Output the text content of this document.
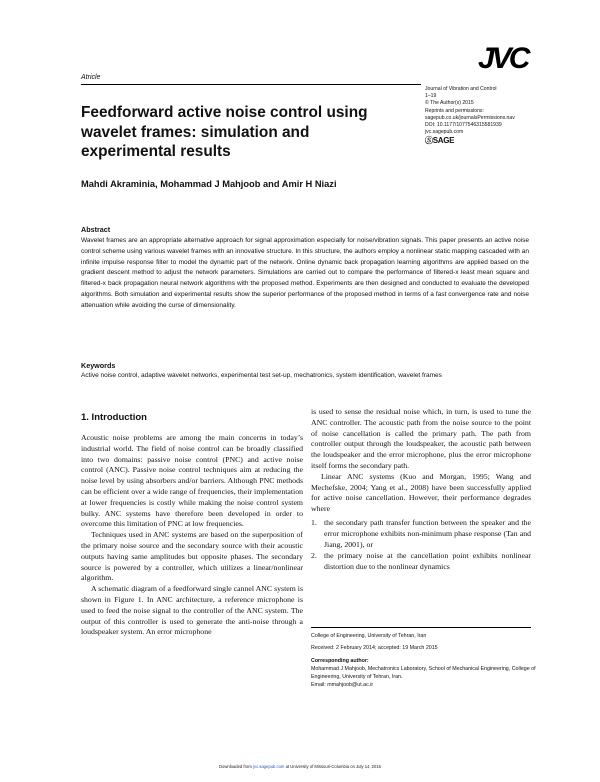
JVC
Atricle
Journal of Vibration and Control
1–19
© The Author(s) 2015
Reprints and permissions:
sagepub.co.uk/journalsPermissions.nav
DOI: 10.1177/1077546315581939
jvc.sagepub.com
ⓈSAGE
Feedforward active noise control using wavelet frames: simulation and experimental results
Mahdi Akraminia, Mohammad J Mahjoob and Amir H Niazi
Abstract
Wavelet frames are an appropriate alternative approach for signal approximation especially for noise/vibration signals. This paper presents an active noise control scheme using various wavelet frames with an innovative structure. In this structure, the authors employ a nonlinear static mapping cascaded with an infinite impulse response filter to model the dynamic part of the network. Online dynamic back propagation learning algorithms are applied based on the gradient descent method to adjust the network parameters. Simulations are carried out to compare the performance of filtered-x least mean square and filtered-x back propagation neural network algorithms with the proposed method. Experiments are then designed and conducted to evaluate the developed algorithms. Both simulation and experimental results show the superior performance of the proposed method in terms of a fast convergence rate and noise attenuation while avoiding the curse of dimensionality.
Keywords
Active noise control, adaptive wavelet networks, experimental test set-up, mechatronics, system identification, wavelet frames
1. Introduction

Acoustic noise problems are among the main concerns in today’s industrial world. The field of noise control can be broadly classified into two domains: passive noise control (PNC) and active noise control (ANC). Passive noise control techniques aim at reducing the noise level by using absorbers and/or barriers. Although PNC methods can be efficient over a wide range of frequencies, their implementation at lower frequencies is costly while making the noise control system bulky. ANC systems have therefore been developed in order to overcome this limitation of PNC at low frequencies.

Techniques used in ANC systems are based on the superposition of the primary noise source and the secondary source with their acoustic outputs having same amplitudes but opposite phases. The secondary source is powered by a controller, which utilizes a linear/nonlinear algorithm.

A schematic diagram of a feedforward single cannel ANC system is shown in Figure 1. In ANC architecture, a reference microphone is used to feed the noise signal to the controller of the ANC system. The output of this controller is used to generate the anti-noise through a loudspeaker system. An error microphone

is used to sense the residual noise which, in turn, is used to tune the ANC controller. The acoustic path from the noise source to the point of noise cancellation is called the primary path. The path from controller output through the loudspeaker, the acoustic path between the loudspeaker and the error microphone, plus the error microphone itself forms the secondary path.

Linear ANC systems (Kuo and Morgan, 1995; Wang and Mechefske, 2004; Yang et al., 2008) have been successfully applied for active noise cancellation. However, their performance degrades where

1. the secondary path transfer function between the speaker and the error microphone exhibits non-minimum phase response (Tan and Jiang, 2001), or
2. the primary noise at the cancellation point exhibits nonlinear distortion due to the nonlinear dynamics
College of Engineering, University of Tehran, Iran
Received: 2 February 2014; accepted: 19 March 2015
Corresponding author:
Mohammad J Mahjoob, Mechatronics Laboratory, School of Mechanical Engineering, College of Engineering, University of Tehran, Iran.
Email: mmahjoob@ut.ac.ir
Downloaded from jvc.sagepub.com at University of Missouri-Columbia on July 14, 2015
